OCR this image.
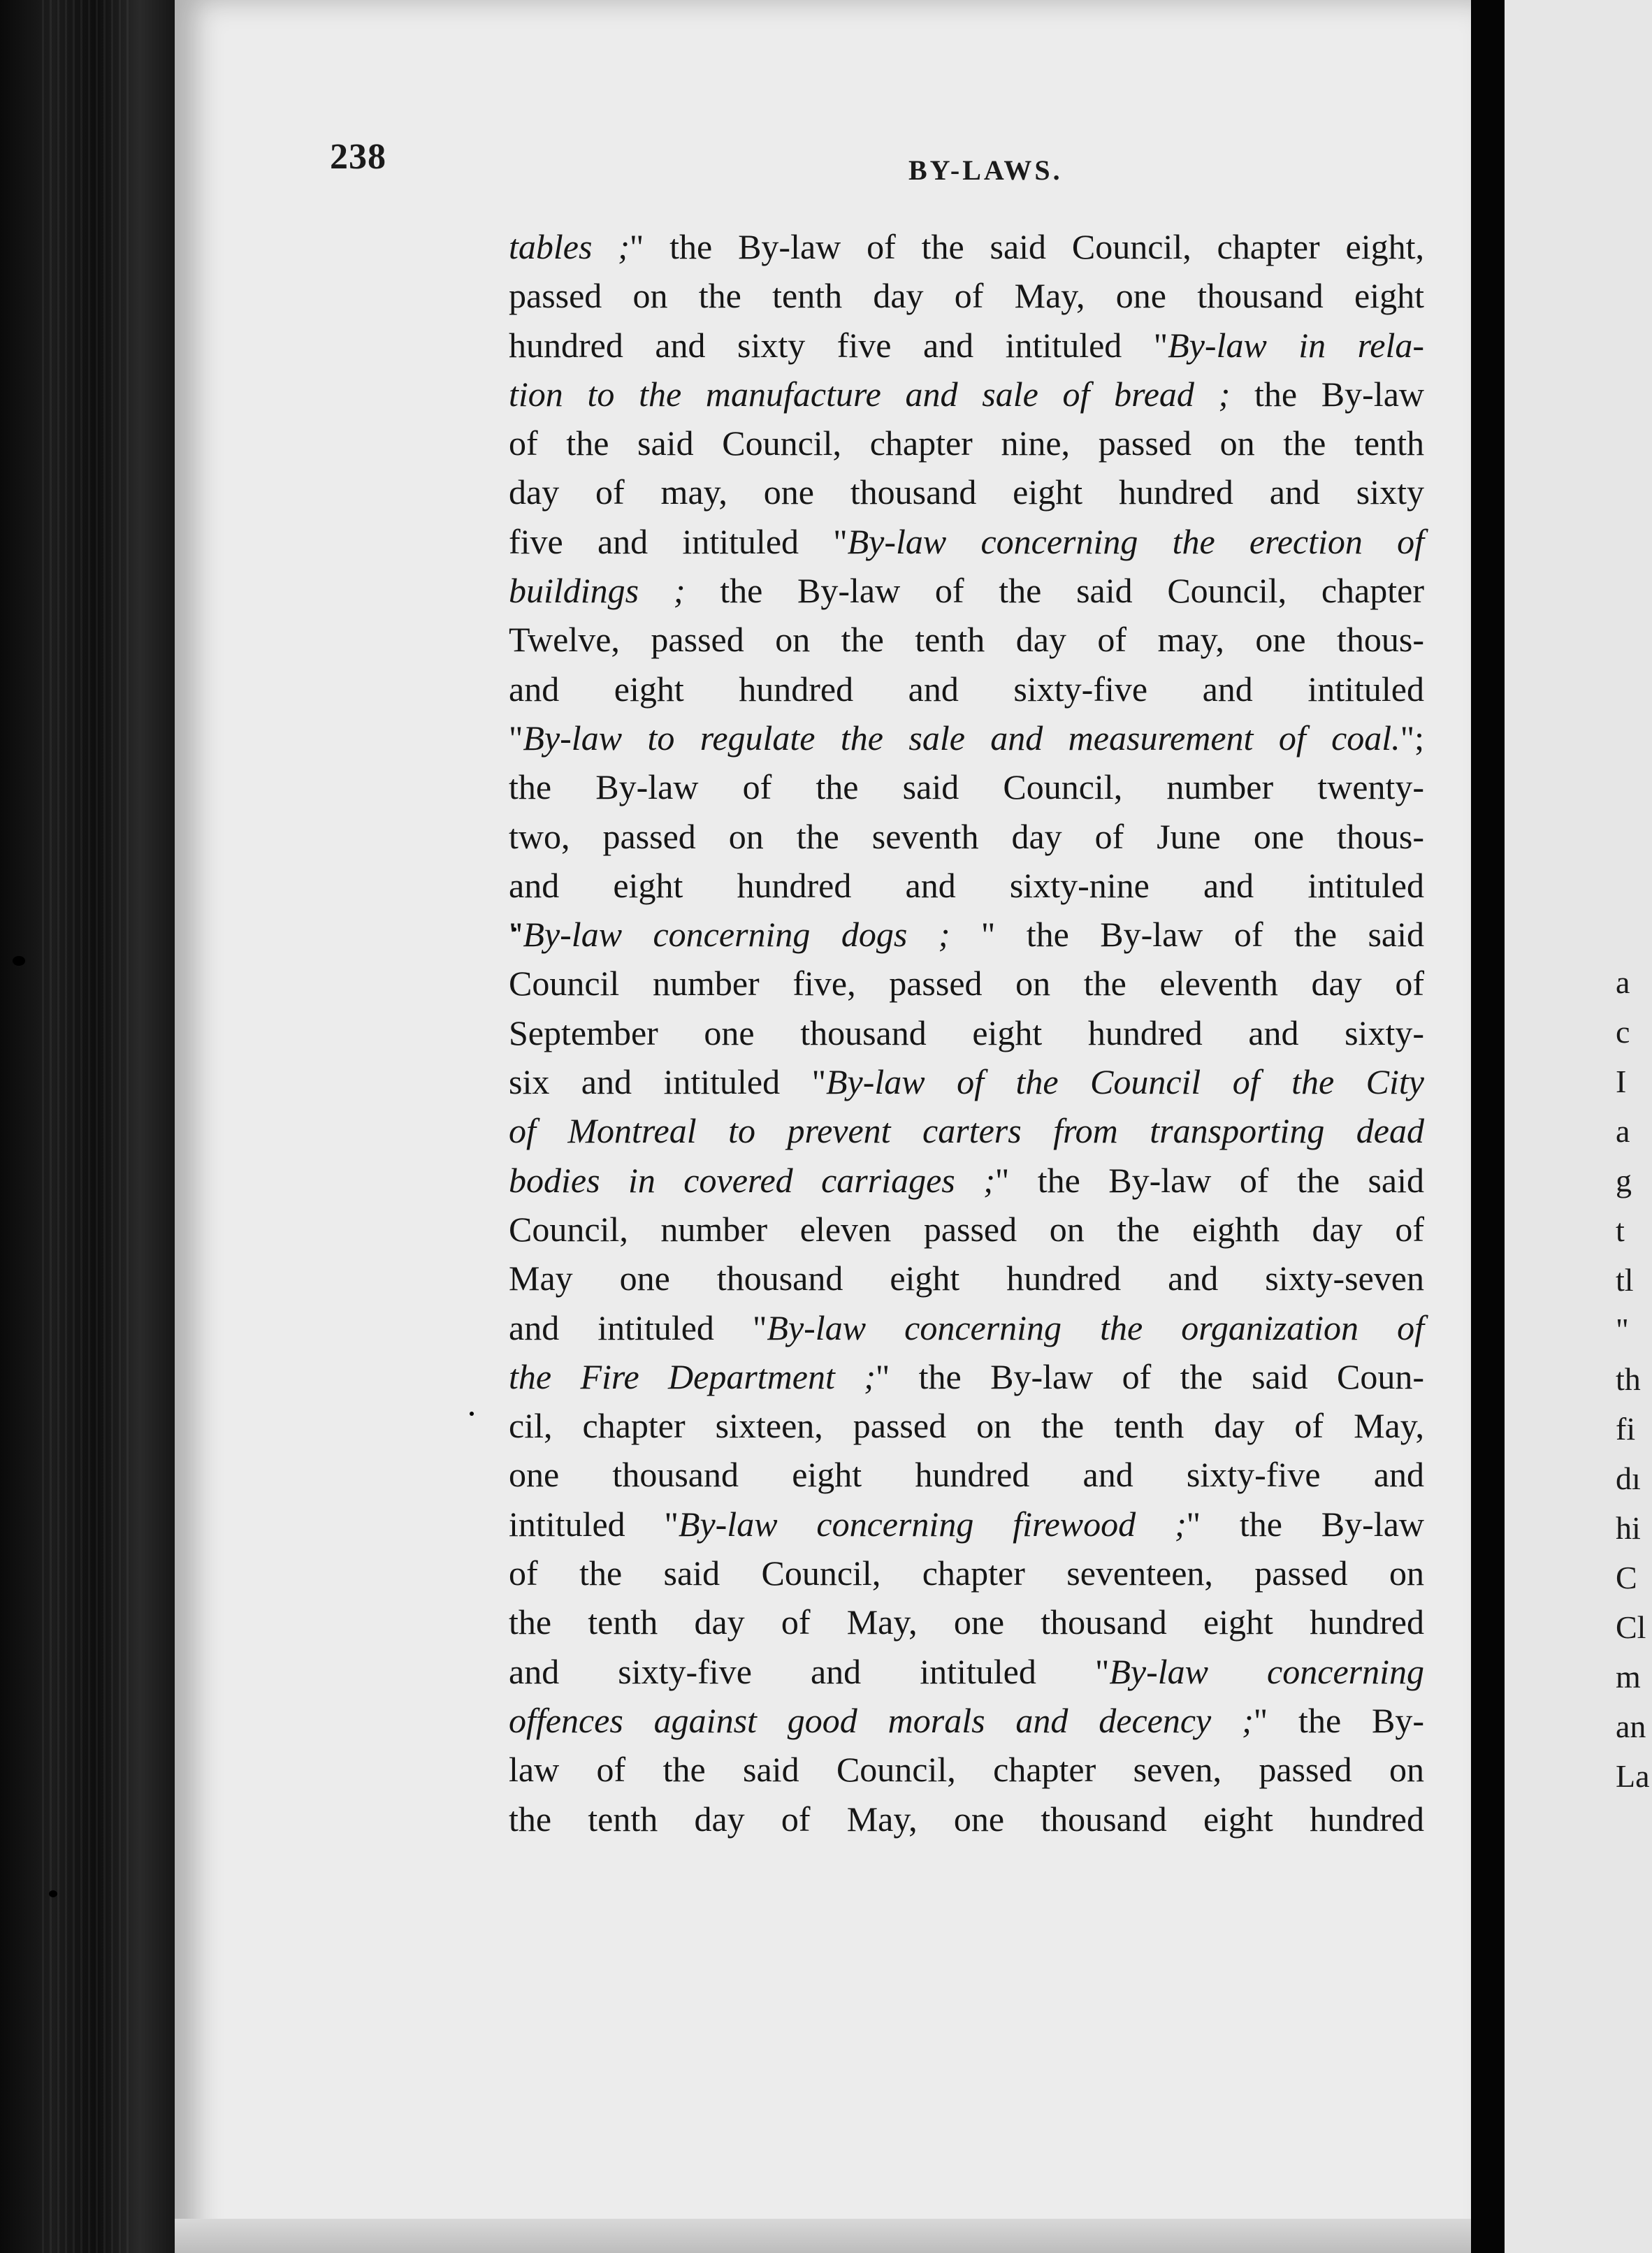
238	BY-LAWS.
tables ;" the By-law of the said Council, chapter eight,
passed on the tenth day of May, one thousand eight
hundred and sixty five and intituled "By-law in rela-
tion to the manufacture and sale of bread ; the By-law
of the said Council, chapter nine, passed on the tenth
day of may, one thousand eight hundred and sixty
five and intituled "By-law concerning the erection of
buildings ; the By-law of the said Council, chapter
Twelve, passed on the tenth day of may, one thous-
and eight hundred and sixty-five and intituled
"By-law to regulate the sale and measurement of coal.";
the By-law of the said Council, number twenty-
two, passed on the seventh day of June one thous-
and eight hundred and sixty-nine and intituled
"By-law concerning dogs ; " the By-law of the said
Council number five, passed on the eleventh day of
September one thousand eight hundred and sixty-
six and intituled "By-law of the Council of the City
of Montreal to prevent carters from transporting dead
bodies in covered carriages ;" the By-law of the said
Council, number eleven passed on the eighth day of
May one thousand eight hundred and sixty-seven
and intituled "By-law concerning the organization of
the Fire Department ;" the By-law of the said Coun-
cil, chapter sixteen, passed on the tenth day of May,
one thousand eight hundred and sixty-five and
intituled "By-law concerning firewood ;" the By-law
of the said Council, chapter seventeen, passed on
the tenth day of May, one thousand eight hundred
and sixty-five and intituled "By-law concerning
offences against good morals and decency ;" the By-
law of the said Council, chapter seven, passed on
the tenth day of May, one thousand eight hundred
a
c
I
a
g
t
tl
"
th
fi
dı
hi
C
Cl
m
an
La
